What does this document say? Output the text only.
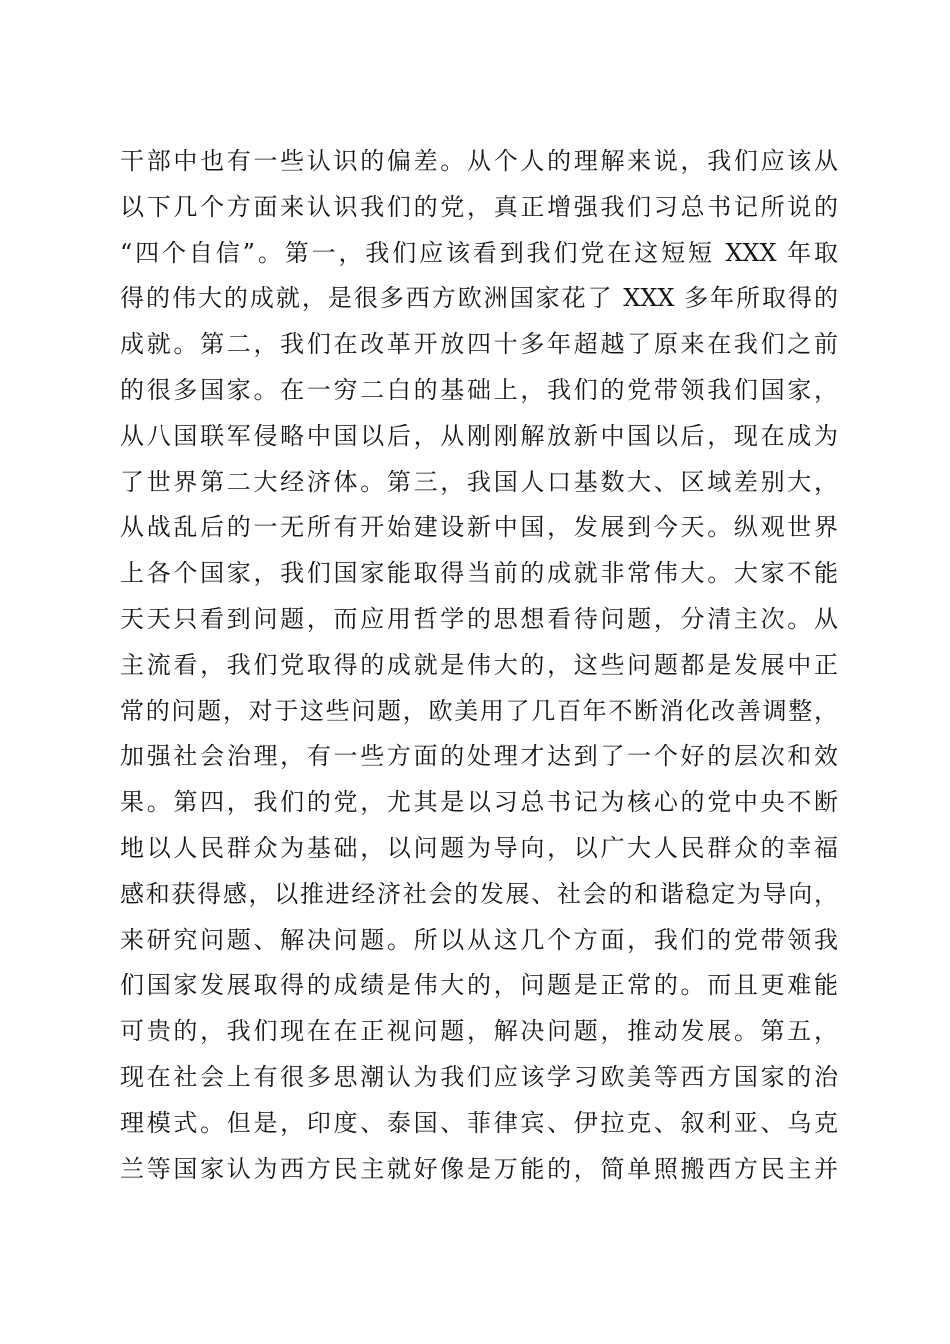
干部中也有一些认识的偏差。从个人的理解来说，我们应该从
以下几个方面来认识我们的党，真正增强我们习总书记所说的
“四个自信”。第一，我们应该看到我们党在这短短 XXX 年取
得的伟大的成就，是很多西方欧洲国家花了 XXX 多年所取得的
成就。第二，我们在改革开放四十多年超越了原来在我们之前
的很多国家。在一穷二白的基础上，我们的党带领我们国家，
从八国联军侵略中国以后，从刚刚解放新中国以后，现在成为
了世界第二大经济体。第三，我国人口基数大、区域差别大，
从战乱后的一无所有开始建设新中国，发展到今天。纵观世界
上各个国家，我们国家能取得当前的成就非常伟大。大家不能
天天只看到问题，而应用哲学的思想看待问题，分清主次。从
主流看，我们党取得的成就是伟大的，这些问题都是发展中正
常的问题，对于这些问题，欧美用了几百年不断消化改善调整，
加强社会治理，有一些方面的处理才达到了一个好的层次和效
果。第四，我们的党，尤其是以习总书记为核心的党中央不断
地以人民群众为基础，以问题为导向，以广大人民群众的幸福
感和获得感，以推进经济社会的发展、社会的和谐稳定为导向，
来研究问题、解决问题。所以从这几个方面，我们的党带领我
们国家发展取得的成绩是伟大的，问题是正常的。而且更难能
可贵的，我们现在在正视问题，解决问题，推动发展。第五，
现在社会上有很多思潮认为我们应该学习欧美等西方国家的治
理模式。但是，印度、泰国、菲律宾、伊拉克、叙利亚、乌克
兰等国家认为西方民主就好像是万能的，简单照搬西方民主并
